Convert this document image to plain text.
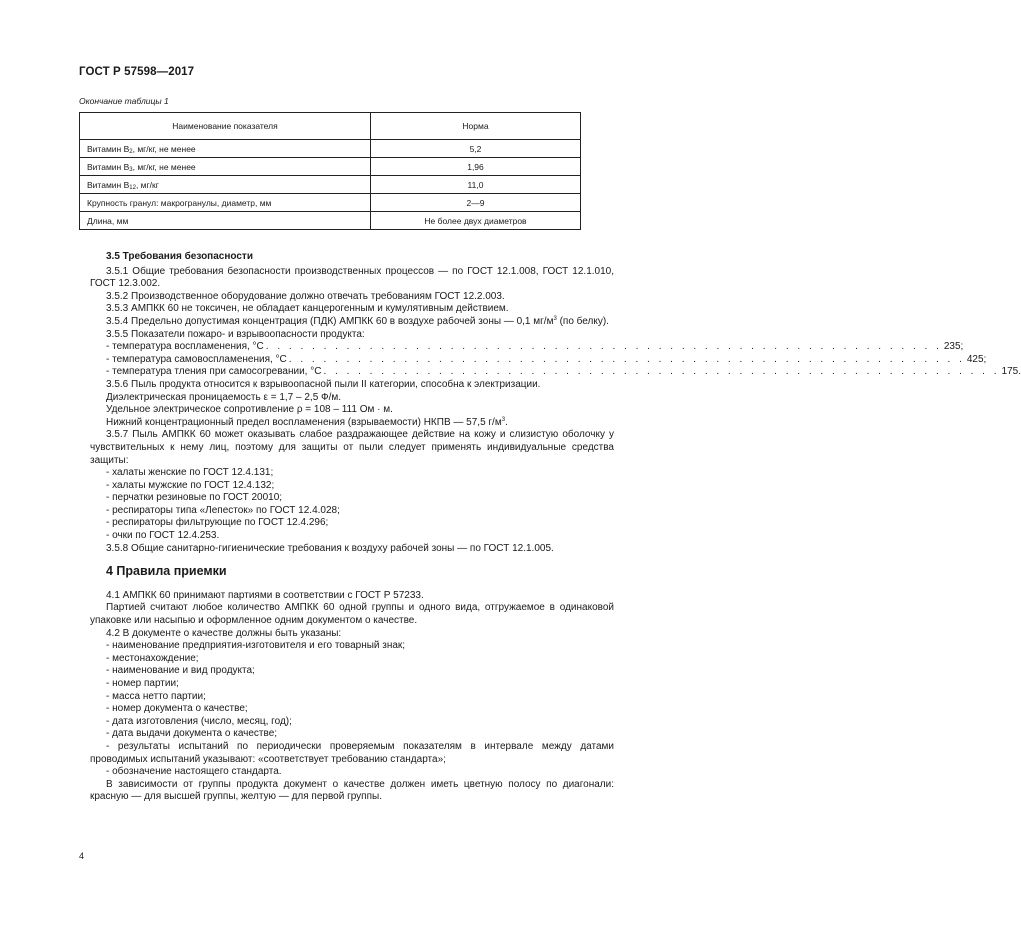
ГОСТ Р 57598—2017
Окончание таблицы 1
Наименование показателя	Норма
Витамин $В_2$, мг/кг, не менее	5,2
Витамин $В_3$, мг/кг, не менее	1,96
Витамин $В_{12}$, мг/кг	11,0
Крупность гранул: макрогранулы, диаметр, мм	2—9
Длина, мм	Не более двух диаметров
3.5 Требования безопасности

3.5.1 Общие требования безопасности производственных процессов — по ГОСТ 12.1.008, ГОСТ 12.1.010, ГОСТ 12.3.002.

3.5.2 Производственное оборудование должно отвечать требованиям ГОСТ 12.2.003.

3.5.3 АМПКК 60 не токсичен, не обладает канцерогенным и кумулятивным действием.

3.5.4 Предельно допустимая концентрация (ПДК) АМПКК 60 в воздухе рабочей зоны — 0,1 $мг/м^3$ (по белку).

3.5.5 Показатели пожаро- и взрывоопасности продукта:

- температура воспламенения, °С . . . . . . . . . . . . . . . . . . . . . . . . . . . . . . . . . . . . . . . . . . . . . . . . . . . . . . . . . . . 235;
- температура самовоспламенения, °С . . . . . . . . . . . . . . . . . . . . . . . . . . . . . . . . . . . . . . . . . . . . . . . . . . . . . . . . . . . 425;
- температура тления при самосогревании, °С . . . . . . . . . . . . . . . . . . . . . . . . . . . . . . . . . . . . . . . . . . . . . . . . . . . . . . . . . . . 175.

3.5.6 Пыль продукта относится к взрывоопасной пыли II категории, способна к электризации.

Диэлектрическая проницаемость ε = 1,7 – 2,5 Ф/м.

Удельное электрическое сопротивление ρ = 108 – 111 Ом · м.

Нижний концентрационный предел воспламенения (взрываемости) НКПВ — 57,5 $г/м^3$.

3.5.7 Пыль АМПКК 60 может оказывать слабое раздражающее действие на кожу и слизистую оболочку у чувствительных к нему лиц, поэтому для защиты от пыли следует применять индивидуальные средства защиты:

- халаты женские по ГОСТ 12.4.131;

- халаты мужские по ГОСТ 12.4.132;

- перчатки резиновые по ГОСТ 20010;

- респираторы типа «Лепесток» по ГОСТ 12.4.028;

- респираторы фильтрующие по ГОСТ 12.4.296;

- очки по ГОСТ 12.4.253.

3.5.8 Общие санитарно-гигиенические требования к воздуху рабочей зоны — по ГОСТ 12.1.005.

4 Правила приемки

4.1 АМПКК 60 принимают партиями в соответствии с ГОСТ Р 57233.

Партией считают любое количество АМПКК 60 одной группы и одного вида, отгружаемое в одинаковой упаковке или насыпью и оформленное одним документом о качестве.

4.2 В документе о качестве должны быть указаны:

- наименование предприятия-изготовителя и его товарный знак;

- местонахождение;

- наименование и вид продукта;

- номер партии;

- масса нетто партии;

- номер документа о качестве;

- дата изготовления (число, месяц, год);

- дата выдачи документа о качестве;

- результаты испытаний по периодически проверяемым показателям в интервале между датами проводимых испытаний указывают: «соответствует требованию стандарта»;

- обозначение настоящего стандарта.

В зависимости от группы продукта документ о качестве должен иметь цветную полосу по диагонали: красную — для высшей группы, желтую — для первой группы.

4
